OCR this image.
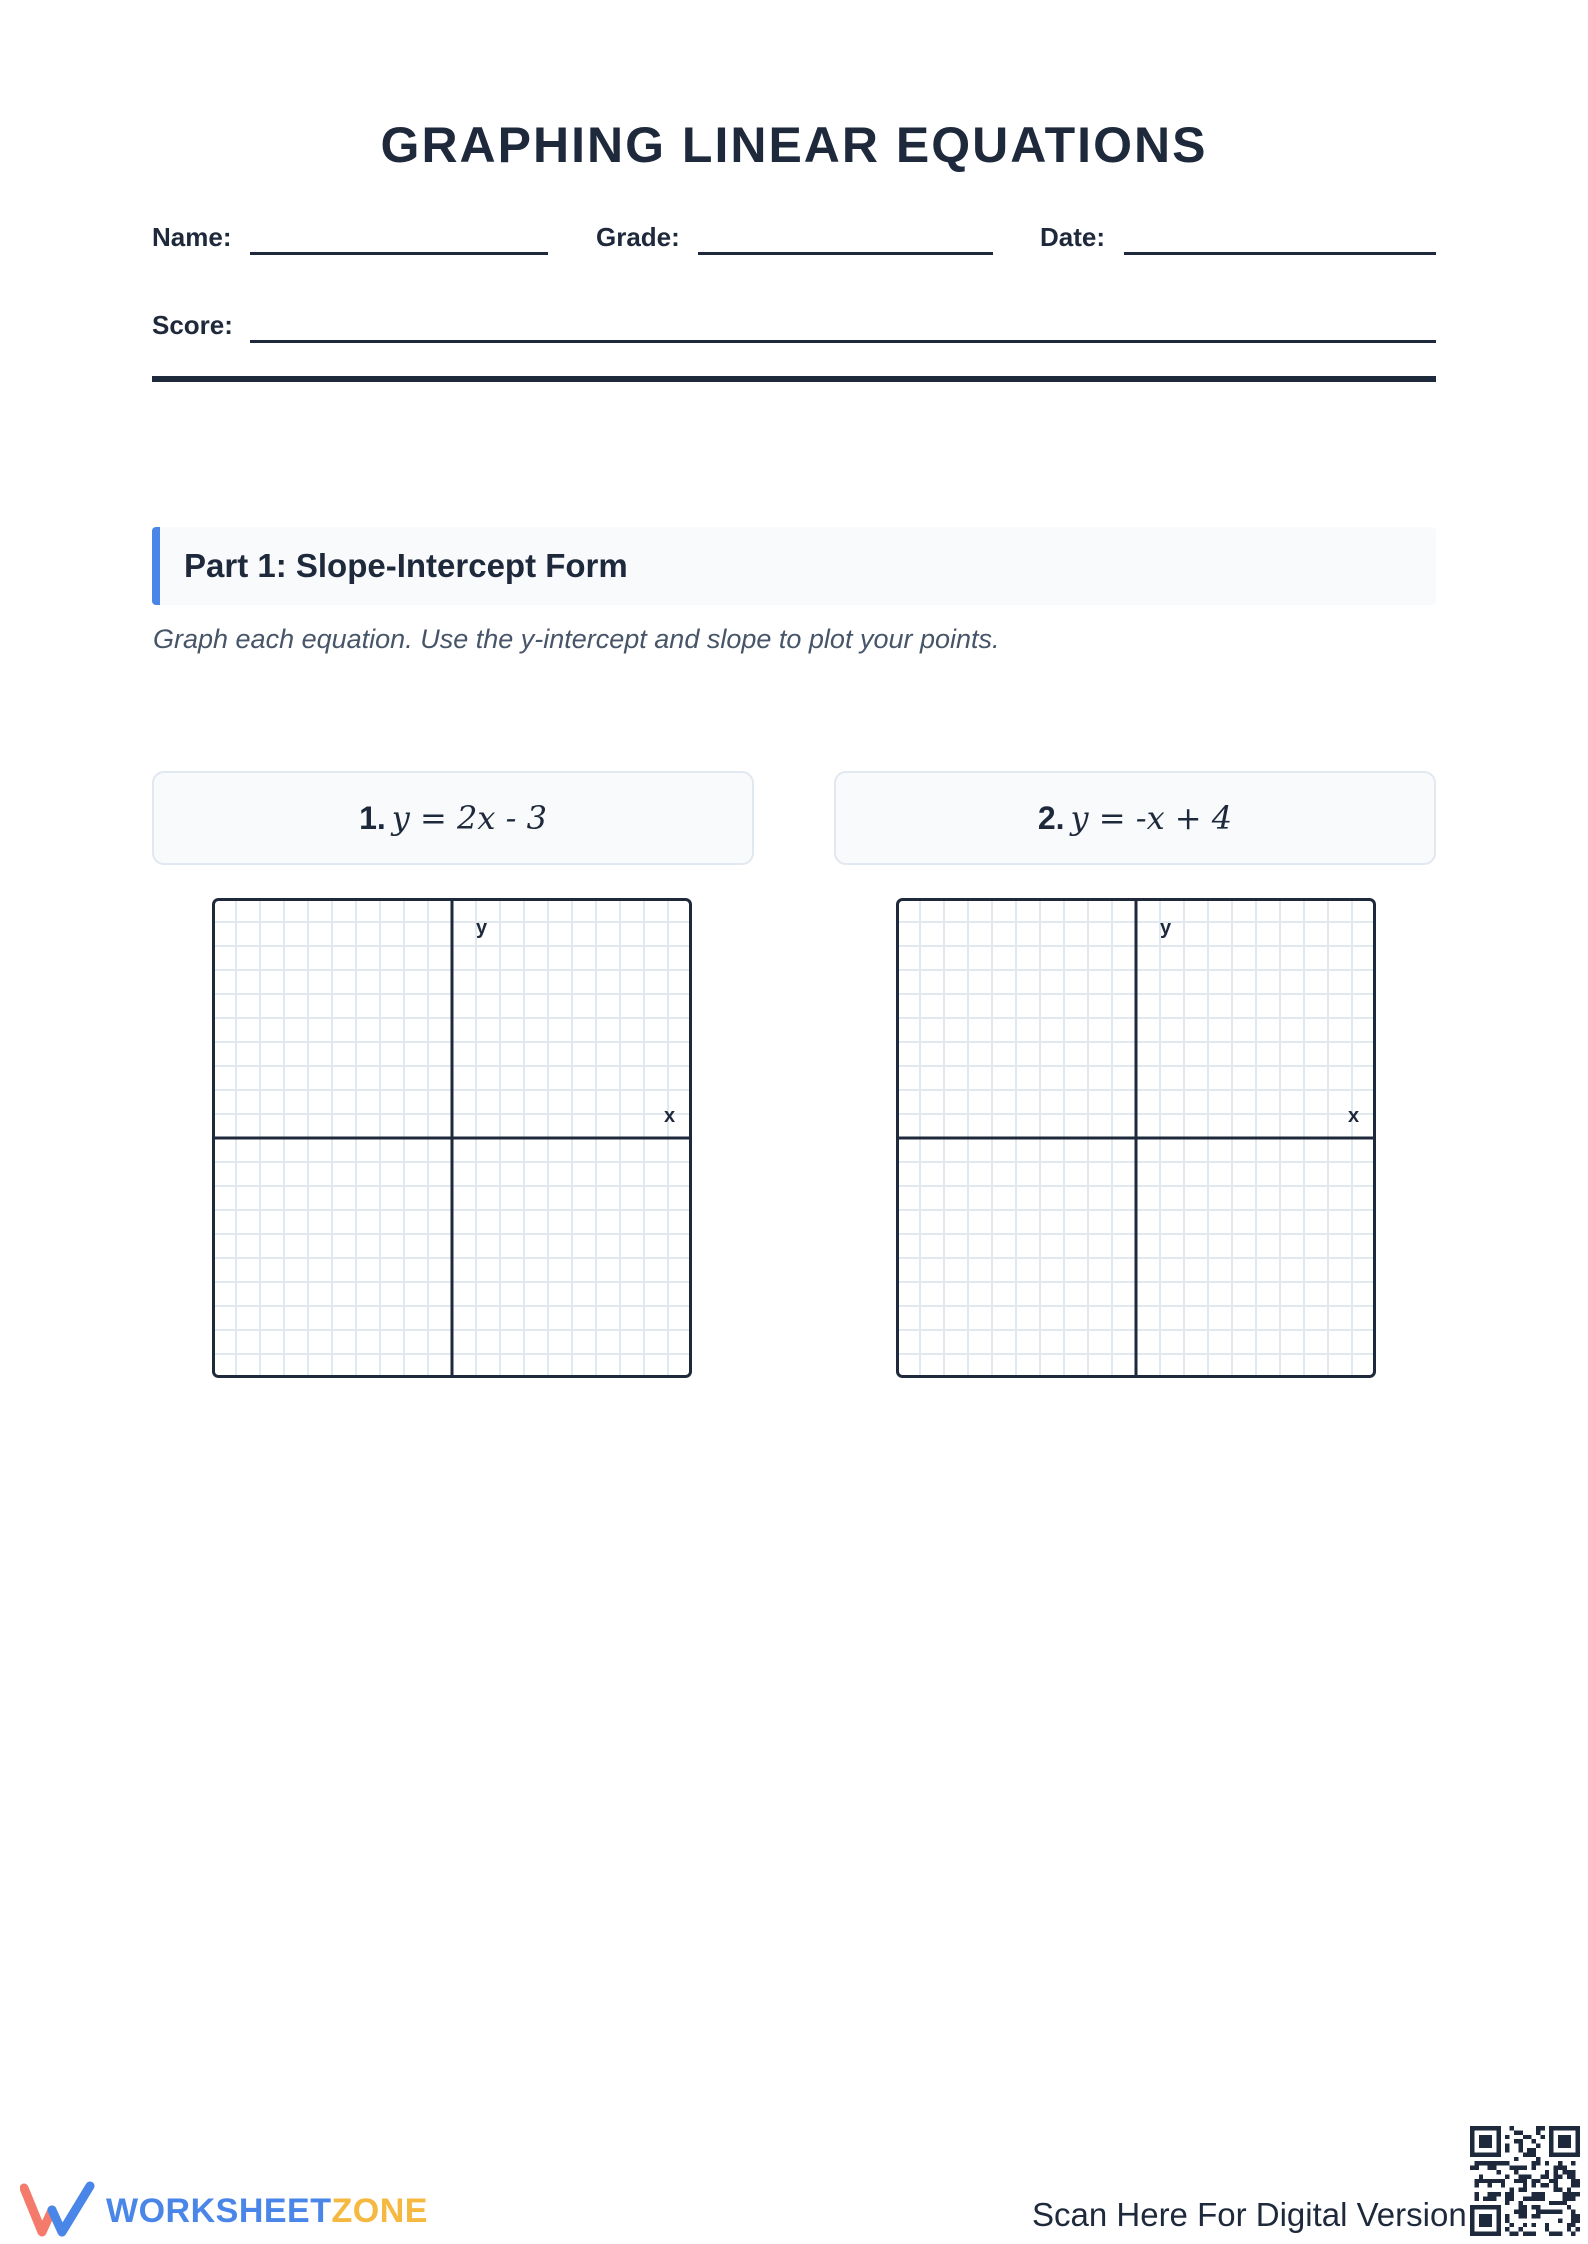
GRAPHING LINEAR EQUATIONS
Name:	Grade:	Date:
Score:
Part 1: Slope-Intercept Form
Graph each equation. Use the y-intercept and slope to plot your points.
1. y = 2x - 3
y
x
2. y = -x + 4
y
x
WORKSHEETZONE	Scan Here For Digital Version
